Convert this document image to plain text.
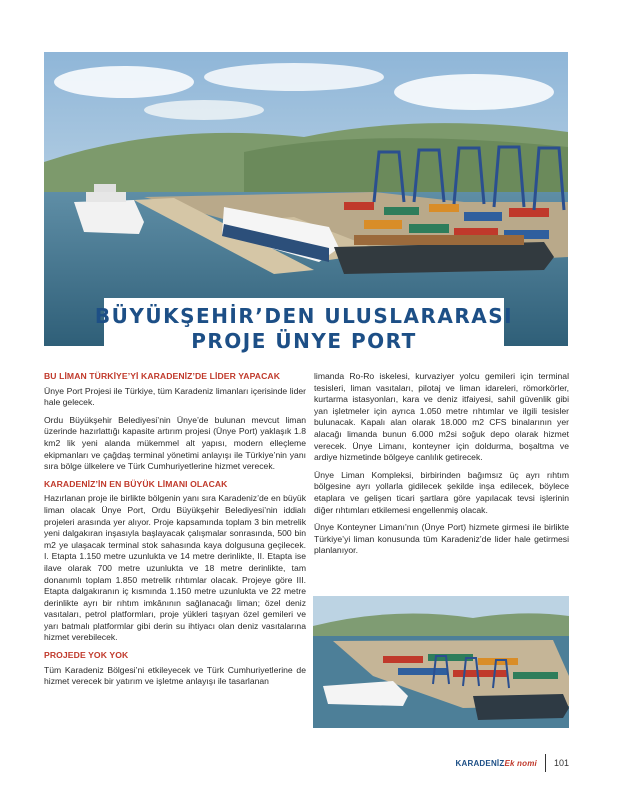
BÜYÜKŞEHİR’DEN ULUSLARARASI
PROJE ÜNYE PORT
BU LİMAN TÜRKİYE’Yİ KARADENİZ’DE LİDER YAPACAK

Ünye Port Projesi ile Türkiye, tüm Karadeniz limanları içerisinde lider hale gelecek.

Ordu Büyükşehir Belediyesi’nin Ünye’de bulunan mevcut liman üzerinde hazırlattığı kapasite artırım projesi (Ünye Port) yaklaşık 1.8 km2 lik yeni alanda mükemmel alt yapısı, modern elleçleme ekipmanları ve çağdaş terminal yönetimi anlayışı ile Türkiye’nin yanı sıra bölge ülkelere ve Türk Cumhuriyetlerine hizmet verecek.

KARADENİZ’İN EN BÜYÜK LİMANI OLACAK

Hazırlanan proje ile birlikte bölgenin yanı sıra Karadeniz’de en büyük liman olacak Ünye Port, Ordu Büyükşehir Belediyesi’nin iddialı projeleri arasında yer alıyor. Proje kapsamında toplam 3 bin metrelik yeni dalgakıran inşasıyla başlayacak çalışmalar sonrasında, 500 bin m2 ye ulaşacak terminal stok sahasında kaya dolgusuna geçilecek. I. Etapta 1.150 metre uzunlukta ve 14 metre derinlikte, II. Etapta ise ilave olarak 700 metre uzunlukta ve 18 metre derinlikte, tam donanımlı toplam 1.850 metrelik rıhtımlar olacak. Projeye göre III. Etapta dalgakıranın iç kısmında 1.150 metre uzunlukta ve 22 metre derinlikte ayrı bir rıhtım imkânının sağlanacağı liman; özel deniz vasıtaları, petrol platformları, proje yükleri taşıyan özel gemileri ve yarı batmalı platformlar gibi derin su ihtiyacı olan deniz vasıtalarına hizmet verebilecek.

PROJEDE YOK YOK

Tüm Karadeniz Bölgesi’ni etkileyecek ve Türk Cumhuriyetlerine de hizmet verecek bir yatırım ve işletme anlayışı ile tasarlanan

limanda Ro-Ro iskelesi, kurvaziyer yolcu gemileri için terminal tesisleri, liman vasıtaları, pilotaj ve liman idareleri, römorkörler, kurtarma istasyonları, kara ve deniz itfaiyesi, sahil güvenlik gibi yan işletmeler için ayrıca 1.050 metre rıhtımlar ve ilgili tesisler bulunacak. Kapalı alan olarak 18.000 m2 CFS binalarının yer alacağı limanda bunun 6.000 m2si soğuk depo olarak hizmet verecek. Ünye Limanı, konteyner için doldurma, boşaltma ve ardiye hizmetinde bölgeye canlılık getirecek.

Ünye Liman Kompleksi, birbirinden bağımsız üç ayrı rıhtım bölgesine ayrı yollarla gidilecek şekilde inşa edilecek, böylece etaplara ve gelişen ticari şartlara göre yapılacak tevsi işlerinin diğer rıhtımları etkilemesi engellenmiş olacak.

Ünye Konteyner Limanı’nın (Ünye Port) hizmete girmesi ile birlikte Türkiye’yi liman konusunda tüm Karadeniz’de lider hale getirmesi planlanıyor.

KARADENİZEk nomi 101
